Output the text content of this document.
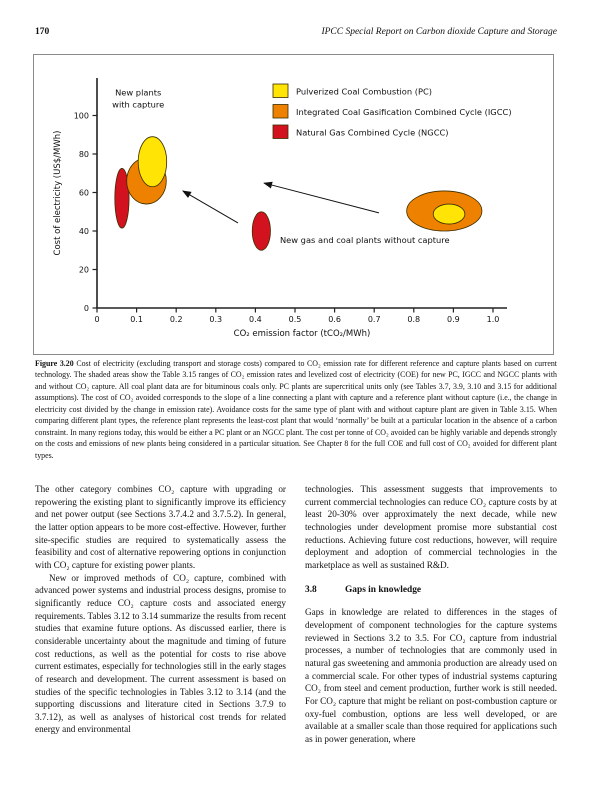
170	IPCC Special Report on Carbon dioxide Capture and Storage
0	0.1	0.2	0.3	0.4	0.5	0.6	0.7	0.8	0.9	1.0
0
20
40
60
80
100
CO₂ emission factor (tCO₂/MWh)
Cost of electricity (US$/MWh)
New plants with capture
New gas and coal plants without capture
Pulverized Coal Combustion (PC)
Integrated Coal Gasification Combined Cycle (IGCC)
Natural Gas Combined Cycle (NGCC)

Figure 3.20 Cost of electricity (excluding transport and storage costs) compared to CO₂ emission rate for different reference and capture plants based on current technology. The shaded areas show the Table 3.15 ranges of CO₂ emission rates and levelized cost of electricity (COE) for new PC, IGCC and NGCC plants with and without CO₂ capture. All coal plant data are for bituminous coals only. PC plants are supercritical units only (see Tables 3.7, 3.9, 3.10 and 3.15 for additional assumptions). The cost of CO₂ avoided corresponds to the slope of a line connecting a plant with capture and a reference plant without capture (i.e., the change in electricity cost divided by the change in emission rate). Avoidance costs for the same type of plant with and without capture plant are given in Table 3.15. When comparing different plant types, the reference plant represents the least-cost plant that would ‘normally’ be built at a particular location in the absence of a carbon constraint. In many regions today, this would be either a PC plant or an NGCC plant. The cost per tonne of CO₂ avoided can be highly variable and depends strongly on the costs and emissions of new plants being considered in a particular situation. See Chapter 8 for the full COE and full cost of CO₂ avoided for different plant types.

The other category combines CO₂ capture with upgrading or repowering the existing plant to significantly improve its efficiency and net power output (see Sections 3.7.4.2 and 3.7.5.2). In general, the latter option appears to be more cost-effective. However, further site-specific studies are required to systematically assess the feasibility and cost of alternative repowering options in conjunction with CO₂ capture for existing power plants.

New or improved methods of CO₂ capture, combined with advanced power systems and industrial process designs, promise to significantly reduce CO₂ capture costs and associated energy requirements. Tables 3.12 to 3.14 summarize the results from recent studies that examine future options. As discussed earlier, there is considerable uncertainty about the magnitude and timing of future cost reductions, as well as the potential for costs to rise above current estimates, especially for technologies still in the early stages of research and development. The current assessment is based on studies of the specific technologies in Tables 3.12 to 3.14 (and the supporting discussions and literature cited in Sections 3.7.9 to 3.7.12), as well as analyses of historical cost trends for related energy and environmental

technologies. This assessment suggests that improvements to current commercial technologies can reduce CO₂ capture costs by at least 20-30% over approximately the next decade, while new technologies under development promise more substantial cost reductions. Achieving future cost reductions, however, will require deployment and adoption of commercial technologies in the marketplace as well as sustained R&D.

3.8	Gaps in knowledge

Gaps in knowledge are related to differences in the stages of development of component technologies for the capture systems reviewed in Sections 3.2 to 3.5. For CO₂ capture from industrial processes, a number of technologies that are commonly used in natural gas sweetening and ammonia production are already used on a commercial scale. For other types of industrial systems capturing CO₂ from steel and cement production, further work is still needed. For CO₂ capture that might be reliant on post-combustion capture or oxy-fuel combustion, options are less well developed, or are available at a smaller scale than those required for applications such as in power generation, where
